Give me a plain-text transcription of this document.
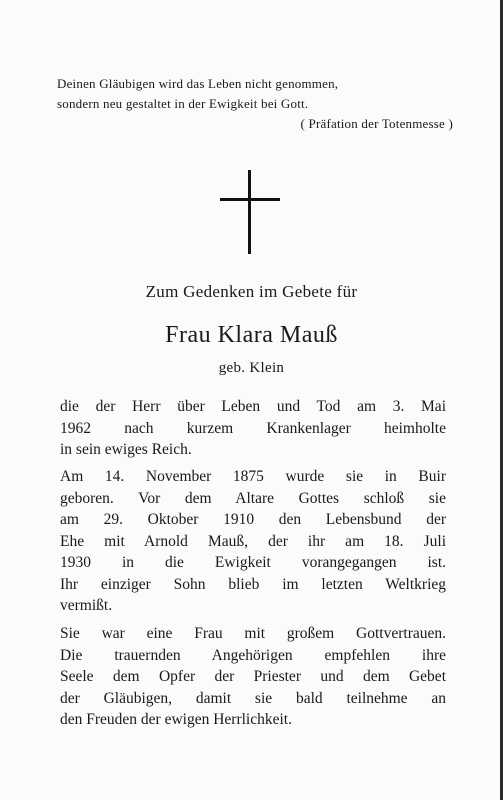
Deinen Gläubigen wird das Leben nicht genommen,
sondern neu gestaltet in der Ewigkeit bei Gott.
( Präfation der Totenmesse )
Zum Gedenken im Gebete für
Frau Klara Mauß
geb. Klein
die der Herr über Leben und Tod am 3. Mai
1962 nach kurzem Krankenlager heimholte
in sein ewiges Reich.
Am 14. November 1875 wurde sie in Buir
geboren. Vor dem Altare Gottes schloß sie
am 29. Oktober 1910 den Lebensbund der
Ehe mit Arnold Mauß, der ihr am 18. Juli
1930 in die Ewigkeit vorangegangen ist.
Ihr einziger Sohn blieb im letzten Weltkrieg
vermißt.
Sie war eine Frau mit großem Gottvertrauen.
Die trauernden Angehörigen empfehlen ihre
Seele dem Opfer der Priester und dem Gebet
der Gläubigen, damit sie bald teilnehme an
den Freuden der ewigen Herrlichkeit.
